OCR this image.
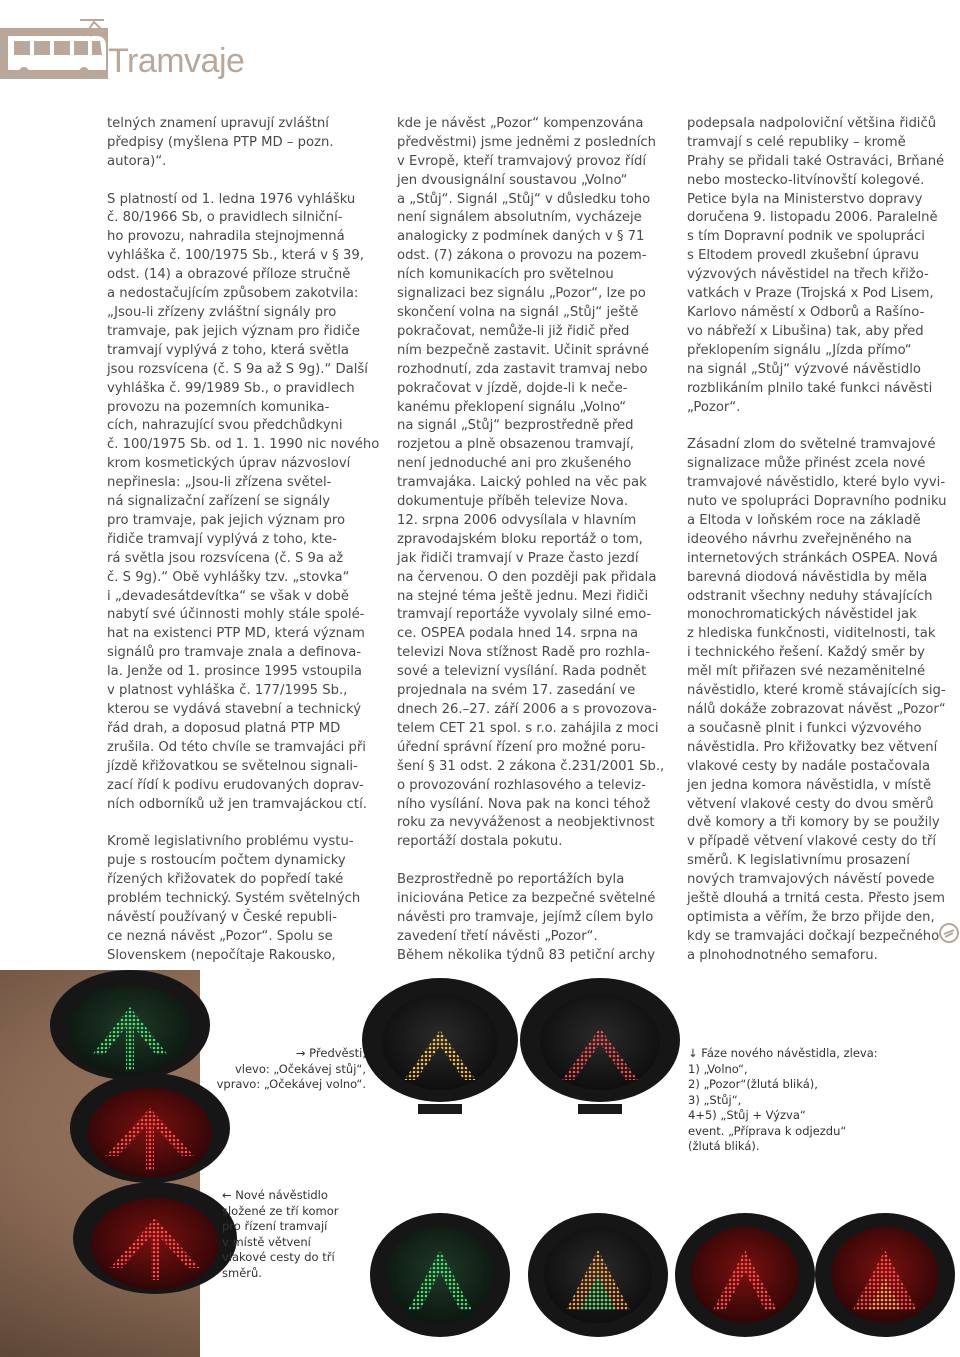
Tramvaje

telných znamení upravují zvláštní
předpisy (myšlena PTP MD – pozn.
autora)“.

S platností od 1. ledna 1976 vyhlášku
č. 80/1966 Sb, o pravidlech silniční-
ho provozu, nahradila stejnojmenná
vyhláška č. 100/1975 Sb., která v § 39,
odst. (14) a obrazové příloze stručně
a nedostačujícím způsobem zakotvila:
„Jsou-li zřízeny zvláštní signály pro
tramvaje, pak jejich význam pro řidiče
tramvají vyplývá z toho, která světla
jsou rozsvícena (č. S 9a až S 9g).“ Další
vyhláška č. 99/1989 Sb., o pravidlech
provozu na pozemních komunika-
cích, nahrazující svou předchůdkyni
č. 100/1975 Sb. od 1. 1. 1990 nic nového
krom kosmetických úprav názvosloví
nepřinesla: „Jsou-li zřízena světel-
ná signalizační zařízení se signály
pro tramvaje, pak jejich význam pro
řidiče tramvají vyplývá z toho, kte-
rá světla jsou rozsvícena (č. S 9a až
č. S 9g).“ Obě vyhlášky tzv. „stovka“
i „devadesátdevítka“ se však v době
nabytí své účinnosti mohly stále spolé-
hat na existenci PTP MD, která význam
signálů pro tramvaje znala a definova-
la. Jenže od 1. prosince 1995 vstoupila
v platnost vyhláška č. 177/1995 Sb.,
kterou se vydává stavební a technický
řád drah, a doposud platná PTP MD
zrušila. Od této chvíle se tramvajáci při
jízdě křižovatkou se světelnou signali-
zací řídí k podivu erudovaných doprav-
ních odborníků už jen tramvajáckou ctí.

Kromě legislativního problému vystu-
puje s rostoucím počtem dynamicky
řízených křižovatek do popředí také
problém technický. Systém světelných
návěstí používaný v České republi-
ce nezná návěst „Pozor“. Spolu se
Slovenskem (nepočítaje Rakousko,

kde je návěst „Pozor“ kompenzována
předvěstmi) jsme jedněmi z posledních
v Evropě, kteří tramvajový provoz řídí
jen dvousignální soustavou „Volno“
a „Stůj“. Signál „Stůj“ v důsledku toho
není signálem absolutním, vycházeje
analogicky z podmínek daných v § 71
odst. (7) zákona o provozu na pozem-
ních komunikacích pro světelnou
signalizaci bez signálu „Pozor“, lze po
skončení volna na signál „Stůj“ ještě
pokračovat, nemůže-li již řidič před
ním bezpečně zastavit. Učinit správné
rozhodnutí, zda zastavit tramvaj nebo
pokračovat v jízdě, dojde-li k neče-
kanému překlopení signálu „Volno“
na signál „Stůj“ bezprostředně před
rozjetou a plně obsazenou tramvají,
není jednoduché ani pro zkušeného
tramvajáka. Laický pohled na věc pak
dokumentuje příběh televize Nova.
12. srpna 2006 odvysílala v hlavním
zpravodajském bloku reportáž o tom,
jak řidiči tramvají v Praze často jezdí
na červenou. O den později pak přidala
na stejné téma ještě jednu. Mezi řidiči
tramvají reportáže vyvolaly silné emo-
ce. OSPEA podala hned 14. srpna na
televizi Nova stížnost Radě pro rozhla-
sové a televizní vysílání. Rada podnět
projednala na svém 17. zasedání ve
dnech 26.–27. září 2006 a s provozova-
telem CET 21 spol. s r.o. zahájila z moci
úřední správní řízení pro možné poru-
šení § 31 odst. 2 zákona č.231/2001 Sb.,
o provozování rozhlasového a televiz-
ního vysílání. Nova pak na konci téhož
roku za nevyváženost a neobjektivnost
reportáží dostala pokutu.

Bezprostředně po reportážích byla
iniciována Petice za bezpečné světelné
návěsti pro tramvaje, jejímž cílem bylo
zavedení třetí návěsti „Pozor“.
Během několika týdnů 83 petiční archy

podepsala nadpoloviční většina řidičů
tramvají s celé republiky – kromě
Prahy se přidali také Ostraváci, Brňané
nebo mostecko-litvínovští kolegové.
Petice byla na Ministerstvo dopravy
doručena 9. listopadu 2006. Paralelně
s tím Dopravní podnik ve spolupráci
s Eltodem provedl zkušební úpravu
výzvových návěstidel na třech křižo-
vatkách v Praze (Trojská x Pod Lisem,
Karlovo náměstí x Odborů a Rašíno-
vo nábřeží x Libušina) tak, aby před
překlopením signálu „Jízda přímo“
na signál „Stůj“ výzvové návěstidlo
rozblikáním plnilo také funkci návěsti
„Pozor“.

Zásadní zlom do světelné tramvajové
signalizace může přinést zcela nové
tramvajové návěstidlo, které bylo vyvi-
nuto ve spolupráci Dopravního podniku
a Eltoda v loňském roce na základě
ideového návrhu zveřejněného na
internetových stránkách OSPEA. Nová
barevná diodová návěstidla by měla
odstranit všechny neduhy stávajících
monochromatických návěstidel jak
z hlediska funkčnosti, viditelnosti, tak
i technického řešení. Každý směr by
měl mít přiřazen své nezaměnitelné
návěstidlo, které kromě stávajících sig-
nálů dokáže zobrazovat návěst „Pozor“
a současně plnit i funkci výzvového
návěstidla. Pro křižovatky bez větvení
vlakové cesty by nadále postačovala
jen jedna komora návěstidla, v místě
větvení vlakové cesty do dvou směrů
dvě komory a tři komory by se použily
v případě větvení vlakové cesty do tří
směrů. K legislativnímu prosazení
nových tramvajových návěstí povede
ještě dlouhá a trnitá cesta. Přesto jsem
optimista a věřím, že brzo přijde den,
kdy se tramvajáci dočkají bezpečného
a plnohodnotného semaforu.

→ Předvěsti,
vlevo: „Očekávej stůj“,
vpravo: „Očekávej volno“.
↓ Fáze nového návěstidla, zleva:
1) „Volno“,
2) „Pozor“(žlutá bliká),
3) „Stůj“,
4+5) „Stůj + Výzva“
event. „Příprava k odjezdu“
(žlutá bliká).
← Nové návěstidlo
složené ze tří komor
pro řízení tramvají
v místě větvení
vlakové cesty do tří
směrů.
